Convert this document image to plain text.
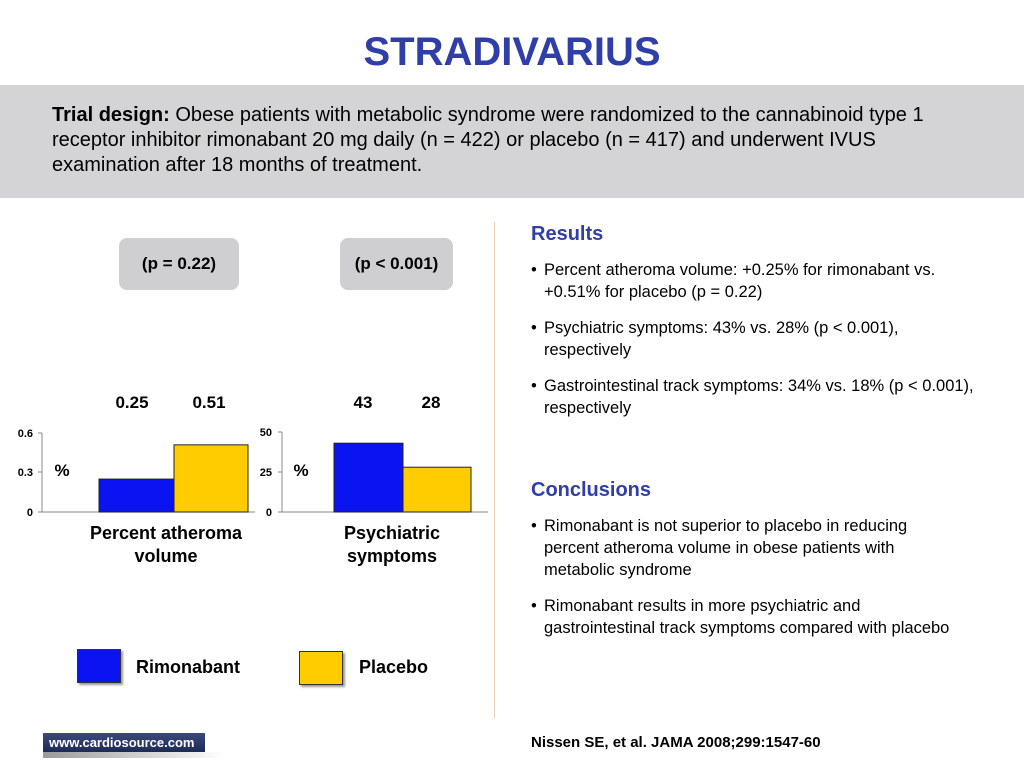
STRADIVARIUS
Trial design: Obese patients with metabolic syndrome were randomized to the cannabinoid type 1 receptor inhibitor rimonabant 20 mg daily (n = 422) or placebo (n = 417) and underwent IVUS examination after 18 months of treatment.
(p = 0.22)	(p < 0.001)
0.25	0.51	43	28
0.6
0.3
0
%
50
25
0
%
Percent atheroma
volume
Psychiatric
symptoms
Rimonabant	Placebo
Results
• Percent atheroma volume: +0.25% for rimonabant vs. +0.51% for placebo (p = 0.22)
• Psychiatric symptoms: 43% vs. 28% (p < 0.001), respectively
• Gastrointestinal track symptoms: 34% vs. 18% (p < 0.001), respectively
Conclusions
• Rimonabant is not superior to placebo in reducing percent atheroma volume in obese patients with metabolic syndrome
• Rimonabant results in more psychiatric and gastrointestinal track symptoms compared with placebo
www.cardiosource.com	Nissen SE, et al. JAMA 2008;299:1547-60
